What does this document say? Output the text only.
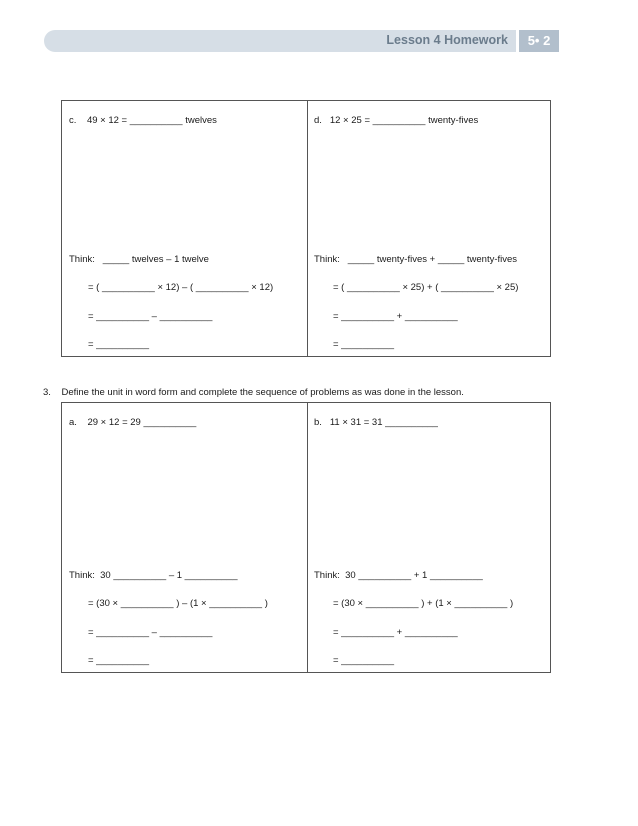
Lesson 4 Homework	5• 2
c.    49 × 12 = __________ twelves
Think:   _____ twelves – 1 twelve
= ( __________ × 12) – ( __________ × 12)
= __________ – __________
= __________
d.   12 × 25 = __________ twenty-fives
Think:   _____ twenty-fives + _____ twenty-fives
= ( __________ × 25) + ( __________ × 25)
= __________ + __________
= __________
3.    Define the unit in word form and complete the sequence of problems as was done in the lesson.
a.    29 × 12 = 29 __________
Think:  30 __________ – 1 __________
= (30 × __________ ) – (1 × __________ )
= __________ – __________
= __________
b.   11 × 31 = 31 __________
Think:  30 __________ + 1 __________
= (30 × __________ ) + (1 × __________ )
= __________ + __________
= __________
